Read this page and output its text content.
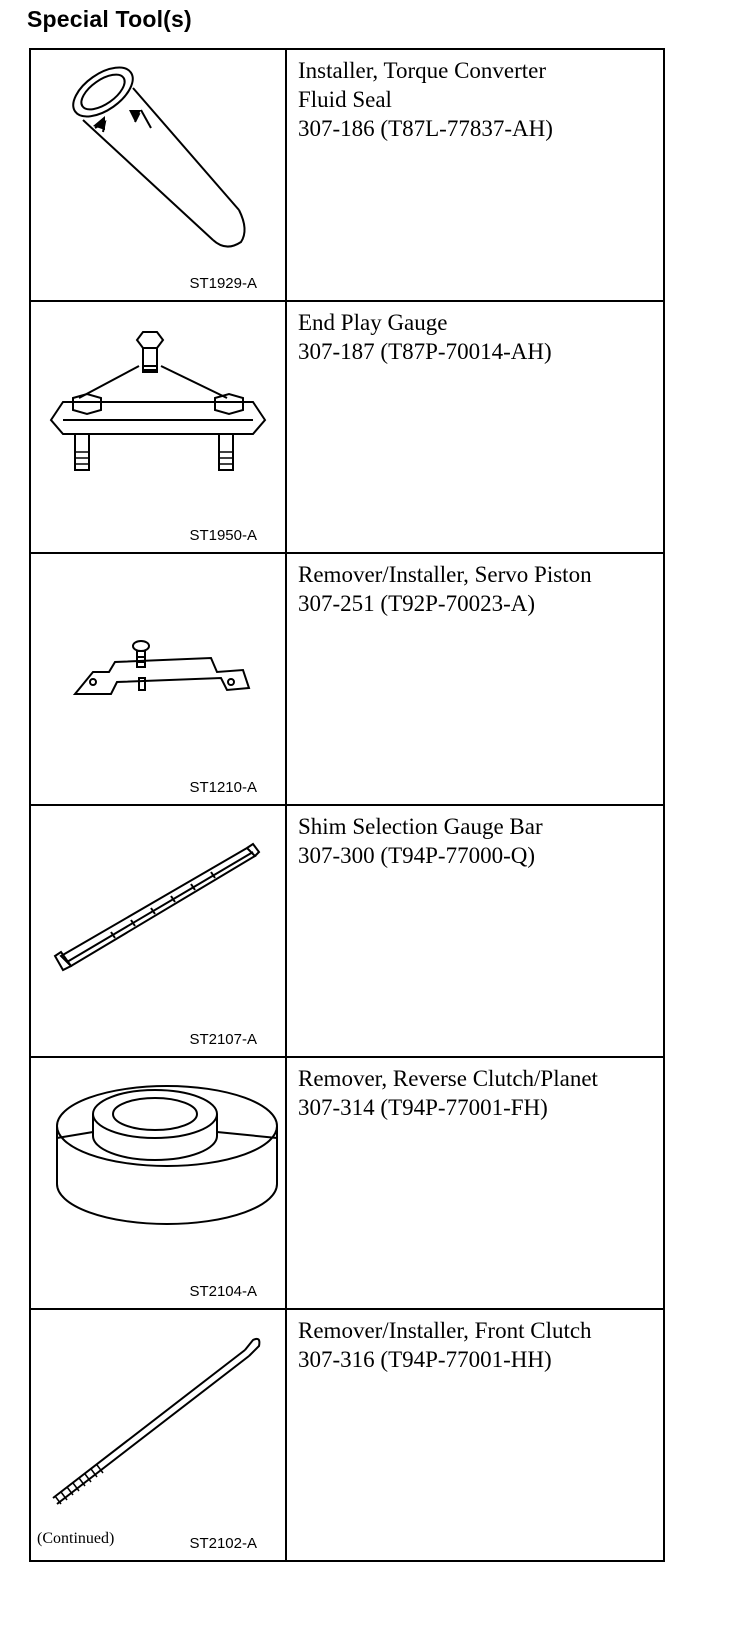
Special Tool(s)
ST1929-A	Installer, Torque Converter
Fluid Seal
307-186 (T87L-77837-AH)

ST1950-A	End Play Gauge
307-187 (T87P-70014-AH)

ST1210-A	Remover/Installer, Servo Piston
307-251 (T92P-70023-A)

ST2107-A	Shim Selection Gauge Bar
307-300 (T94P-77000-Q)

ST2104-A	Remover, Reverse Clutch/Planet
307-314 (T94P-77001-FH)

ST2102-A	Remover/Installer, Front Clutch
307-316 (T94P-77001-HH)
(Continued)
